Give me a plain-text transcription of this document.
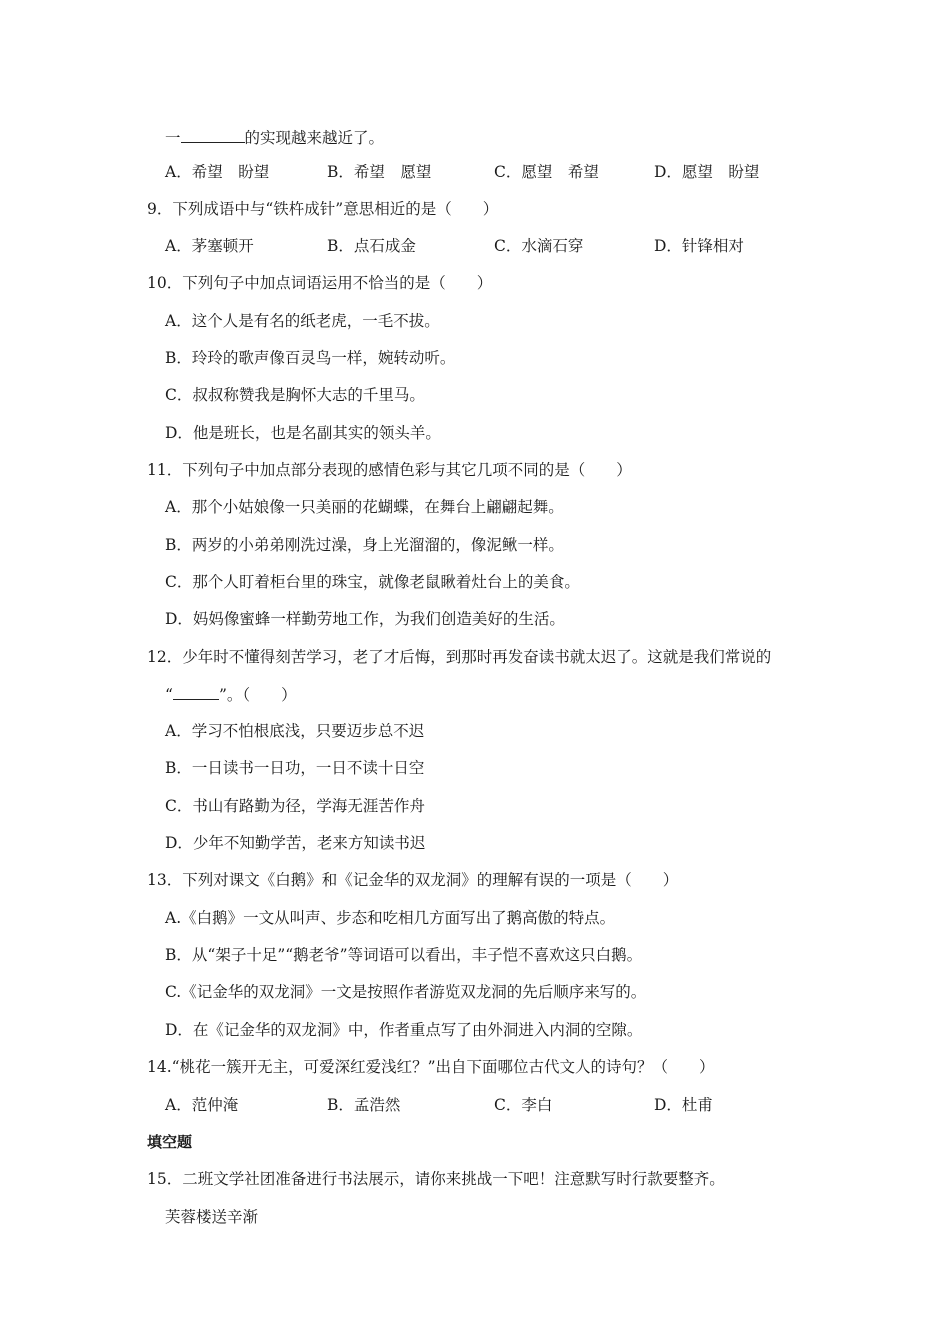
一	的实现越来越近了。
A．希望　盼望	B．希望　愿望	C．愿望　希望	D．愿望　盼望
9．下列成语中与“铁杵成针”意思相近的是（　　）
A．茅塞顿开	B．点石成金	C．水滴石穿	D．针锋相对
10．下列句子中加点词语运用不恰当的是（　　）
A．这个人是有名的纸老虎，一毛不拔。
B．玲玲的歌声像百灵鸟一样，婉转动听。
C．叔叔称赞我是胸怀大志的千里马。
D．他是班长，也是名副其实的领头羊。
11．下列句子中加点部分表现的感情色彩与其它几项不同的是（　　）
A．那个小姑娘像一只美丽的花蝴蝶，在舞台上翩翩起舞。
B．两岁的小弟弟刚洗过澡，身上光溜溜的，像泥鳅一样。
C．那个人盯着柜台里的珠宝，就像老鼠瞅着灶台上的美食。
D．妈妈像蜜蜂一样勤劳地工作，为我们创造美好的生活。
12．少年时不懂得刻苦学习，老了才后悔，到那时再发奋读书就太迟了。这就是我们常说的
“	”。（　　）
A．学习不怕根底浅，只要迈步总不迟
B．一日读书一日功，一日不读十日空
C．书山有路勤为径，学海无涯苦作舟
D．少年不知勤学苦，老来方知读书迟
13．下列对课文《白鹅》和《记金华的双龙洞》的理解有误的一项是（　　）
A.《白鹅》一文从叫声、步态和吃相几方面写出了鹅高傲的特点。
B．从“架子十足”“鹅老爷”等词语可以看出，丰子恺不喜欢这只白鹅。
C.《记金华的双龙洞》一文是按照作者游览双龙洞的先后顺序来写的。
D．在《记金华的双龙洞》中，作者重点写了由外洞进入内洞的空隙。
14.“桃花一簇开无主，可爱深红爱浅红？”出自下面哪位古代文人的诗句？（　　）
A．范仲淹	B．孟浩然	C．李白	D．杜甫
填空题
15．二班文学社团准备进行书法展示，请你来挑战一下吧！注意默写时行款要整齐。
芙蓉楼送辛渐
